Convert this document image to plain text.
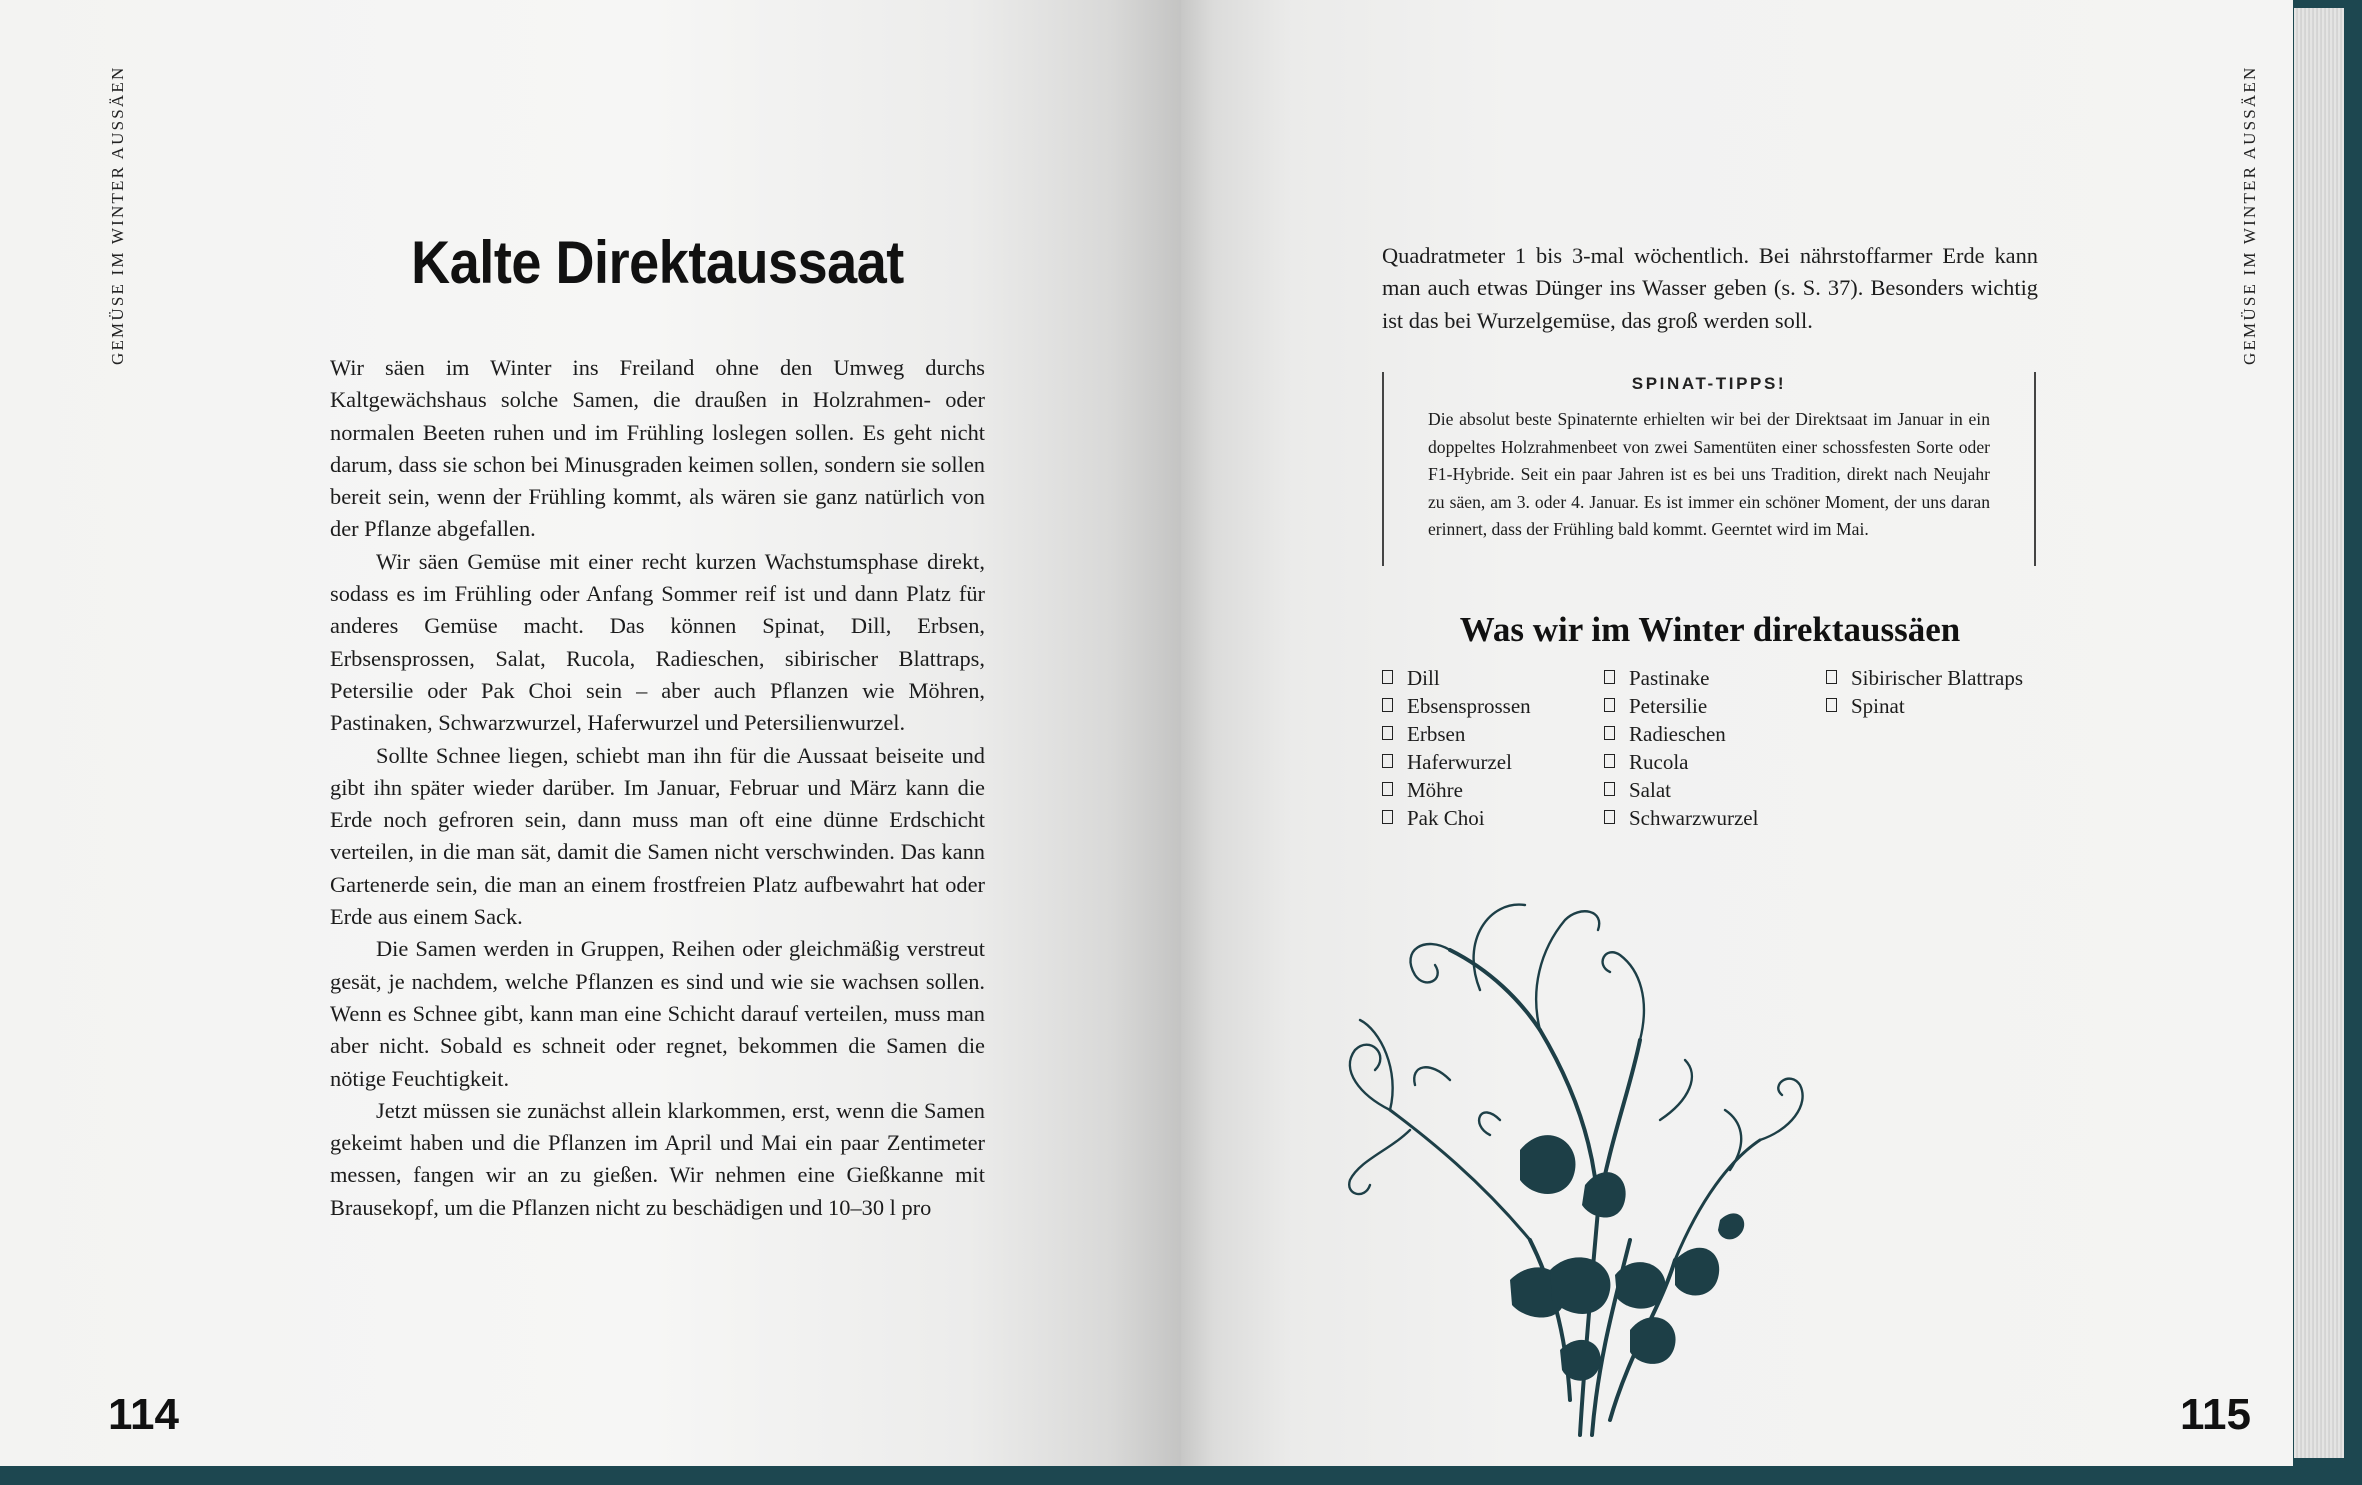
GEMÜSE IM WINTER AUSSÄEN	Kalte Direktaussaat

Wir säen im Winter ins Freiland ohne den Umweg durchs Kaltgewächshaus solche Samen, die draußen in Holzrahmen- oder normalen Beeten ruhen und im Frühling loslegen sollen. Es geht nicht darum, dass sie schon bei Minusgraden keimen sollen, sondern sie sollen bereit sein, wenn der Frühling kommt, als wären sie ganz natürlich von der Pflanze abgefallen.

Wir säen Gemüse mit einer recht kurzen Wachstumsphase direkt, sodass es im Frühling oder Anfang Sommer reif ist und dann Platz für anderes Gemüse macht. Das können Spinat, Dill, Erbsen, Erbsensprossen, Salat, Rucola, Radieschen, sibirischer Blattraps, Petersilie oder Pak Choi sein – aber auch Pflanzen wie Möhren, Pastinaken, Schwarzwurzel, Haferwurzel und Petersilienwurzel.

Sollte Schnee liegen, schiebt man ihn für die Aussaat beiseite und gibt ihn später wieder darüber. Im Januar, Februar und März kann die Erde noch gefroren sein, dann muss man oft eine dünne Erdschicht verteilen, in die man sät, damit die Samen nicht verschwinden. Das kann Gartenerde sein, die man an einem frostfreien Platz aufbewahrt hat oder Erde aus einem Sack.

Die Samen werden in Gruppen, Reihen oder gleichmäßig verstreut gesät, je nachdem, welche Pflanzen es sind und wie sie wachsen sollen. Wenn es Schnee gibt, kann man eine Schicht darauf verteilen, muss man aber nicht. Sobald es schneit oder regnet, bekommen die Samen die nötige Feuchtigkeit.

Jetzt müssen sie zunächst allein klarkommen, erst, wenn die Samen gekeimt haben und die Pflanzen im April und Mai ein paar Zentimeter messen, fangen wir an zu gießen. Wir nehmen eine Gießkanne mit Brausekopf, um die Pflanzen nicht zu beschädigen und 10–30 l pro

114
GEMÜSE IM WINTER AUSSÄEN

Quadratmeter 1 bis 3-mal wöchentlich. Bei nährstoffarmer Erde kann man auch etwas Dünger ins Wasser geben (s. S. 37). Besonders wichtig ist das bei Wurzelgemüse, das groß werden soll.

SPINAT-TIPPS!
Die absolut beste Spinaternte erhielten wir bei der Direktsaat im Januar in ein doppeltes Holzrahmenbeet von zwei Samentüten einer schossfesten Sorte oder F1-Hybride. Seit ein paar Jahren ist es bei uns Tradition, direkt nach Neujahr zu säen, am 3. oder 4. Januar. Es ist immer ein schöner Moment, der uns daran erinnert, dass der Frühling bald kommt. Geerntet wird im Mai.
Was wir im Winter direktaussäen
Dill
Ebsensprossen
Erbsen
Haferwurzel
Möhre
Pak Choi
Pastinake
Petersilie
Radieschen
Rucola
Salat
Schwarzwurzel
Sibirischer Blattraps
Spinat
115
